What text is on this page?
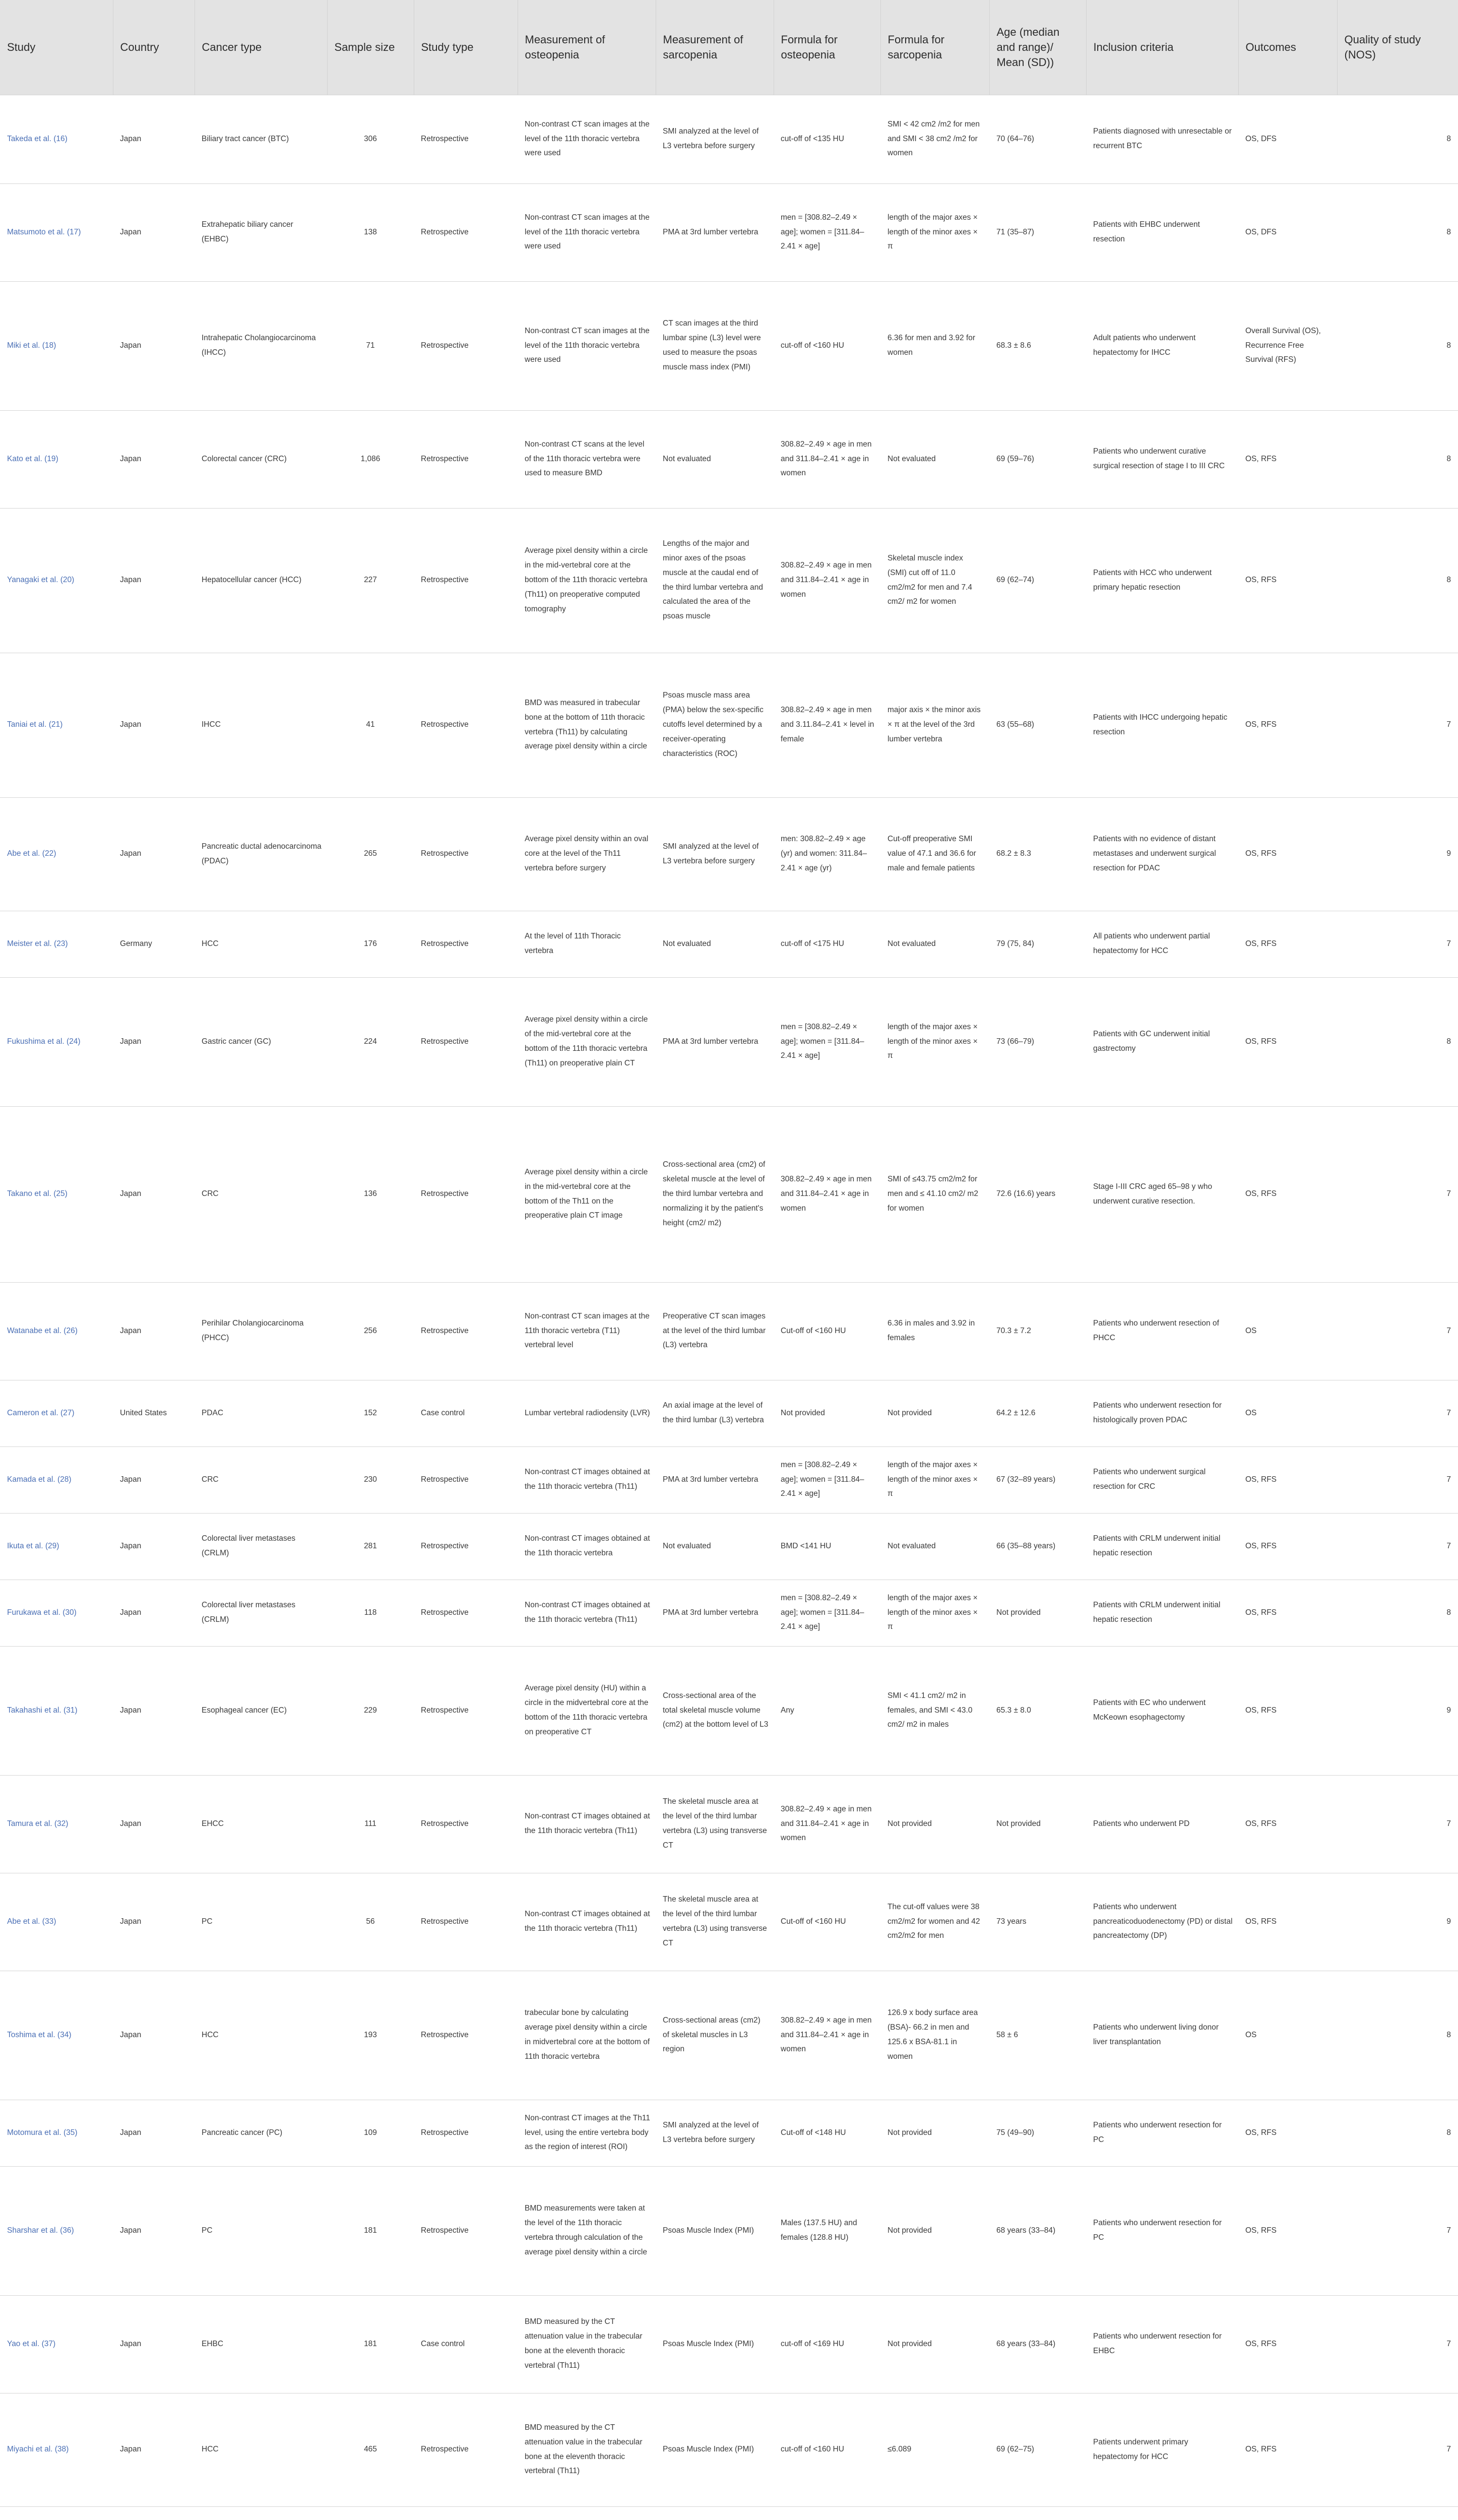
Study	Country	Cancer type	Sample size	Study type	Measurement of osteopenia	Measurement of sarcopenia	Formula for osteopenia	Formula for sarcopenia	Age (median and range)/ Mean (SD))	Inclusion criteria	Outcomes	Quality of study (NOS)
Takeda et al. (16)	Japan	Biliary tract cancer (BTC)	306	Retrospective	Non-contrast CT scan images at the level of the 11th thoracic vertebra were used	SMI analyzed at the level of L3 vertebra before surgery	cut-off of <135 HU	SMI < 42 cm2 /m2 for men and SMI < 38 cm2 /m2 for women	70 (64–76)	Patients diagnosed with unresectable or recurrent BTC	OS, DFS	8
Matsumoto et al. (17)	Japan	Extrahepatic biliary cancer (EHBC)	138	Retrospective	Non-contrast CT scan images at the level of the 11th thoracic vertebra were used	PMA at 3rd lumber vertebra	men = [308.82–2.49 × age]; women = [311.84–2.41 × age]	length of the major axes × length of the minor axes × π	71 (35–87)	Patients with EHBC underwent resection	OS, DFS	8
Miki et al. (18)	Japan	Intrahepatic Cholangiocarcinoma (IHCC)	71	Retrospective	Non-contrast CT scan images at the level of the 11th thoracic vertebra were used	CT scan images at the third lumbar spine (L3) level were used to measure the psoas muscle mass index (PMI)	cut-off of <160 HU	6.36 for men and 3.92 for women	68.3 ± 8.6	Adult patients who underwent hepatectomy for IHCC	Overall Survival (OS), Recurrence Free Survival (RFS)	8
Kato et al. (19)	Japan	Colorectal cancer (CRC)	1,086	Retrospective	Non-contrast CT scans at the level of the 11th thoracic vertebra were used to measure BMD	Not evaluated	308.82–2.49 × age in men and 311.84–2.41 × age in women	Not evaluated	69 (59–76)	Patients who underwent curative surgical resection of stage I to III CRC	OS, RFS	8
Yanagaki et al. (20)	Japan	Hepatocellular cancer (HCC)	227	Retrospective	Average pixel density within a circle in the mid-vertebral core at the bottom of the 11th thoracic vertebra (Th11) on preoperative computed tomography	Lengths of the major and minor axes of the psoas muscle at the caudal end of the third lumbar vertebra and calculated the area of the psoas muscle	308.82–2.49 × age in men and 311.84–2.41 × age in women	Skeletal muscle index (SMI) cut off of 11.0 cm2/m2 for men and 7.4 cm2/ m2 for women	69 (62–74)	Patients with HCC who underwent primary hepatic resection	OS, RFS	8
Taniai et al. (21)	Japan	IHCC	41	Retrospective	BMD was measured in trabecular bone at the bottom of 11th thoracic vertebra (Th11) by calculating average pixel density within a circle	Psoas muscle mass area (PMA) below the sex-specific cutoffs level determined by a receiver-operating characteristics (ROC)	308.82–2.49 × age in men and 3.11.84–2.41 × level in female	major axis × the minor axis × π at the level of the 3rd lumber vertebra	63 (55–68)	Patients with IHCC undergoing hepatic resection	OS, RFS	7
Abe et al. (22)	Japan	Pancreatic ductal adenocarcinoma (PDAC)	265	Retrospective	Average pixel density within an oval core at the level of the Th11 vertebra before surgery	SMI analyzed at the level of L3 vertebra before surgery	men: 308.82–2.49 × age (yr) and women: 311.84–2.41 × age (yr)	Cut-off preoperative SMI value of 47.1 and 36.6 for male and female patients	68.2 ± 8.3	Patients with no evidence of distant metastases and underwent surgical resection for PDAC	OS, RFS	9
Meister et al. (23)	Germany	HCC	176	Retrospective	At the level of 11th Thoracic vertebra	Not evaluated	cut-off of <175 HU	Not evaluated	79 (75, 84)	All patients who underwent partial hepatectomy for HCC	OS, RFS	7
Fukushima et al. (24)	Japan	Gastric cancer (GC)	224	Retrospective	Average pixel density within a circle of the mid-vertebral core at the bottom of the 11th thoracic vertebra (Th11) on preoperative plain CT	PMA at 3rd lumber vertebra	men = [308.82–2.49 × age]; women = [311.84–2.41 × age]	length of the major axes × length of the minor axes × π	73 (66–79)	Patients with GC underwent initial gastrectomy	OS, RFS	8
Takano et al. (25)	Japan	CRC	136	Retrospective	Average pixel density within a circle in the mid-vertebral core at the bottom of the Th11 on the preoperative plain CT image	Cross-sectional area (cm2) of skeletal muscle at the level of the third lumbar vertebra and normalizing it by the patient's height (cm2/ m2)	308.82–2.49 × age in men and 311.84–2.41 × age in women	SMI of ≤43.75 cm2/m2 for men and ≤ 41.10 cm2/ m2 for women	72.6 (16.6) years	Stage I-III CRC aged 65–98 y who underwent curative resection.	OS, RFS	7
Watanabe et al. (26)	Japan	Perihilar Cholangiocarcinoma (PHCC)	256	Retrospective	Non-contrast CT scan images at the 11th thoracic vertebra (T11) vertebral level	Preoperative CT scan images at the level of the third lumbar (L3) vertebra	Cut-off of <160 HU	6.36 in males and 3.92 in females	70.3 ± 7.2	Patients who underwent resection of PHCC	OS	7
Cameron et al. (27)	United States	PDAC	152	Case control	Lumbar vertebral radiodensity (LVR)	An axial image at the level of the third lumbar (L3) vertebra	Not provided	Not provided	64.2 ± 12.6	Patients who underwent resection for histologically proven PDAC	OS	7
Kamada et al. (28)	Japan	CRC	230	Retrospective	Non-contrast CT images obtained at the 11th thoracic vertebra (Th11)	PMA at 3rd lumber vertebra	men = [308.82–2.49 × age]; women = [311.84–2.41 × age]	length of the major axes × length of the minor axes × π	67 (32–89 years)	Patients who underwent surgical resection for CRC	OS, RFS	7
Ikuta et al. (29)	Japan	Colorectal liver metastases (CRLM)	281	Retrospective	Non-contrast CT images obtained at the 11th thoracic vertebra	Not evaluated	BMD <141 HU	Not evaluated	66 (35–88 years)	Patients with CRLM underwent initial hepatic resection	OS, RFS	7
Furukawa et al. (30)	Japan	Colorectal liver metastases (CRLM)	118	Retrospective	Non-contrast CT images obtained at the 11th thoracic vertebra (Th11)	PMA at 3rd lumber vertebra	men = [308.82–2.49 × age]; women = [311.84–2.41 × age]	length of the major axes × length of the minor axes × π	Not provided	Patients with CRLM underwent initial hepatic resection	OS, RFS	8
Takahashi et al. (31)	Japan	Esophageal cancer (EC)	229	Retrospective	Average pixel density (HU) within a circle in the midvertebral core at the bottom of the 11th thoracic vertebra on preoperative CT	Cross-sectional area of the total skeletal muscle volume (cm2) at the bottom level of L3	Any	SMI < 41.1 cm2/ m2 in females, and SMI < 43.0 cm2/ m2 in males	65.3 ± 8.0	Patients with EC who underwent McKeown esophagectomy	OS, RFS	9
Tamura et al. (32)	Japan	EHCC	111	Retrospective	Non-contrast CT images obtained at the 11th thoracic vertebra (Th11)	The skeletal muscle area at the level of the third lumbar vertebra (L3) using transverse CT	308.82–2.49 × age in men and 311.84–2.41 × age in women	Not provided	Not provided	Patients who underwent PD	OS, RFS	7
Abe et al. (33)	Japan	PC	56	Retrospective	Non-contrast CT images obtained at the 11th thoracic vertebra (Th11)	The skeletal muscle area at the level of the third lumbar vertebra (L3) using transverse CT	Cut-off of <160 HU	The cut-off values were 38 cm2/m2 for women and 42 cm2/m2 for men	73 years	Patients who underwent pancreaticoduodenectomy (PD) or distal pancreatectomy (DP)	OS, RFS	9
Toshima et al. (34)	Japan	HCC	193	Retrospective	trabecular bone by calculating average pixel density within a circle in midvertebral core at the bottom of 11th thoracic vertebra	Cross-sectional areas (cm2) of skeletal muscles in L3 region	308.82–2.49 × age in men and 311.84–2.41 × age in women	126.9 x body surface area (BSA)- 66.2 in men and 125.6 x BSA-81.1 in women	58 ± 6	Patients who underwent living donor liver transplantation	OS	8
Motomura et al. (35)	Japan	Pancreatic cancer (PC)	109	Retrospective	Non-contrast CT images at the Th11 level, using the entire vertebra body as the region of interest (ROI)	SMI analyzed at the level of L3 vertebra before surgery	Cut-off of <148 HU	Not provided	75 (49–90)	Patients who underwent resection for PC	OS, RFS	8
Sharshar et al. (36)	Japan	PC	181	Retrospective	BMD measurements were taken at the level of the 11th thoracic vertebra through calculation of the average pixel density within a circle	Psoas Muscle Index (PMI)	Males (137.5 HU) and females (128.8 HU)	Not provided	68 years (33–84)	Patients who underwent resection for PC	OS, RFS	7
Yao et al. (37)	Japan	EHBC	181	Case control	BMD measured by the CT attenuation value in the trabecular bone at the eleventh thoracic vertebral (Th11)	Psoas Muscle Index (PMI)	cut-off of <169 HU	Not provided	68 years (33–84)	Patients who underwent resection for EHBC	OS, RFS	7
Miyachi et al. (38)	Japan	HCC	465	Retrospective	BMD measured by the CT attenuation value in the trabecular bone at the eleventh thoracic vertebral (Th11)	Psoas Muscle Index (PMI)	cut-off of <160 HU	≤6.089	69 (62–75)	Patients underwent primary hepatectomy for HCC	OS, RFS	7
